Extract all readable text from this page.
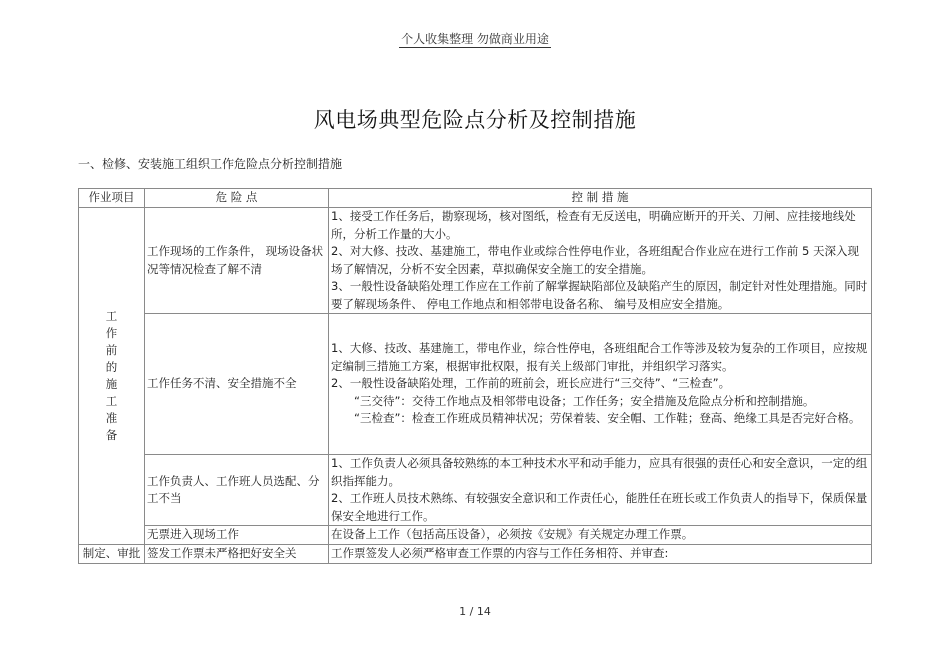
个人收集整理 勿做商业用途
风电场典型危险点分析及控制措施
一、检修、安装施工组织工作危险点分析控制措施
作业项目	危 险 点	控 制 措 施
工作前的施工准备	工作现场的工作条件， 现场设备状况等情况检查了解不清	1、接受工作任务后，勘察现场，核对图纸，检查有无反送电，明确应断开的开关、刀闸、应挂接地线处所，分析工作量的大小。

2、对大修、技改、基建施工，带电作业或综合性停电作业，各班组配合作业应在进行工作前 5 天深入现场了解情况，分析不安全因素，草拟确保安全施工的安全措施。

3、一般性设备缺陷处理工作应在工作前了解掌握缺陷部位及缺陷产生的原因，制定针对性处理措施。同时要了解现场条件、 停电工作地点和相邻带电设备名称、 编号及相应安全措施。

	工作任务不清、安全措施不全	1、大修、技改、基建施工，带电作业，综合性停电，各班组配合工作等涉及较为复杂的工作项目，应按规定编制三措施工方案，根据审批权限，报有关上级部门审批，并组织学习落实。

2、一般性设备缺陷处理，工作前的班前会，班长应进行“三交待”、“三检查”。

“三交待”：交待工作地点及相邻带电设备；工作任务；安全措施及危险点分析和控制措施。

“三检查”：检查工作班成员精神状况；劳保着装、安全帽、工作鞋；登高、绝缘工具是否完好合格。

	工作负责人、工作班人员选配、分工不当	1、工作负责人必须具备较熟练的本工种技术水平和动手能力，应具有很强的责任心和安全意识，一定的组织指挥能力。

2、工作班人员技术熟练、有较强安全意识和工作责任心，能胜任在班长或工作负责人的指导下，保质保量保安全地进行工作。

	无票进入现场工作	在设备上工作（包括高压设备），必须按《安规》有关规定办理工作票。

制定、审批	签发工作票未严格把好安全关	工作票签发人必须严格审查工作票的内容与工作任务相符、并审查:

1 / 14
